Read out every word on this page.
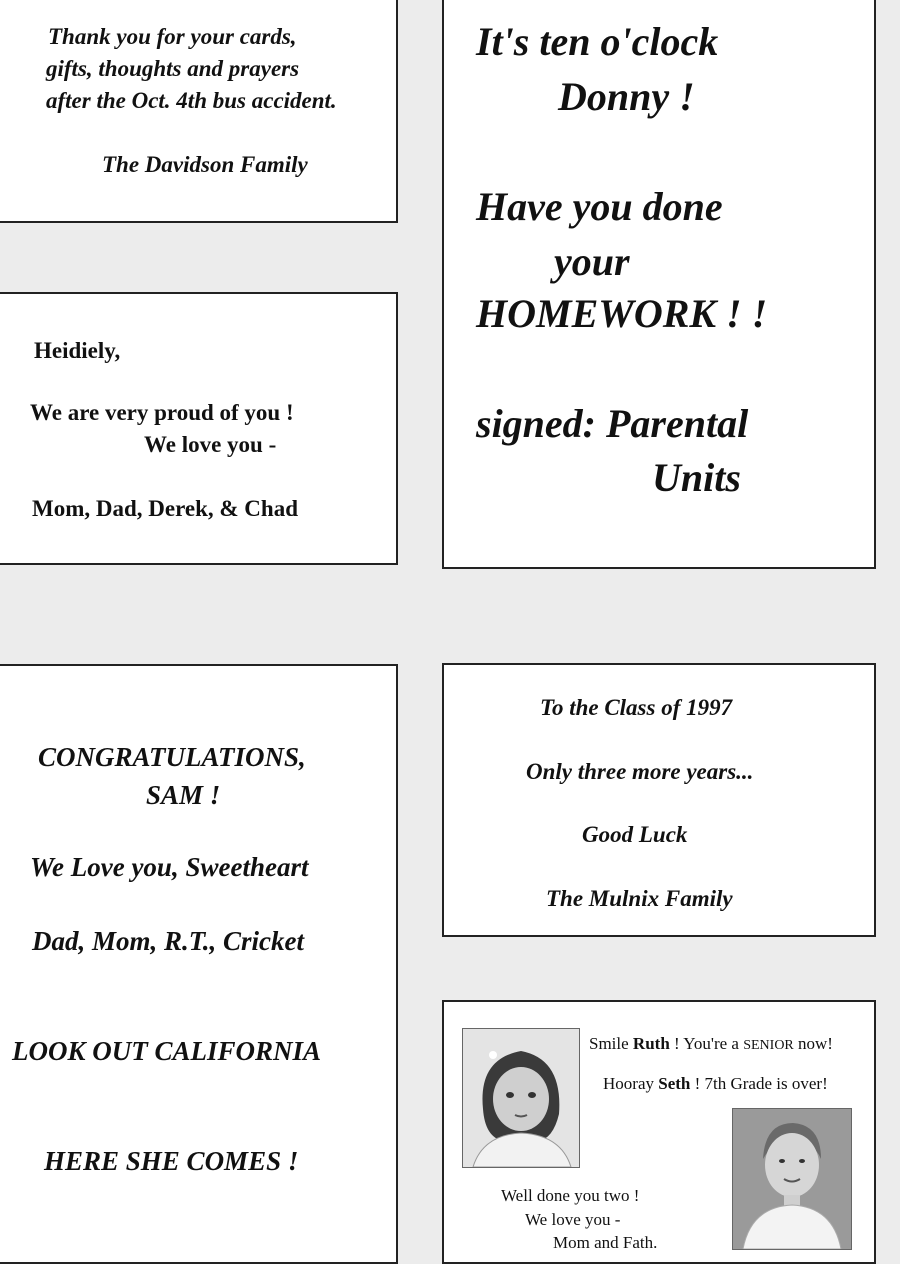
Thank you for your cards,
gifts, thoughts and prayers
after the Oct. 4th bus accident.
The Davidson Family
Heidiely,
We are very proud of you !
We love you -
Mom, Dad, Derek, & Chad
It's ten o'clock
Donny !
Have you done
your
HOMEWORK ! !
signed: Parental
Units
CONGRATULATIONS,
SAM !
We Love you, Sweetheart
Dad, Mom, R.T., Cricket
LOOK OUT CALIFORNIA
HERE SHE COMES !
To the Class of 1997
Only three more years...
Good Luck
The Mulnix Family
Smile Ruth ! You're a SENIOR now!
Hooray Seth ! 7th Grade is over!
Well done you two !
We love you -
Mom and Fath.
